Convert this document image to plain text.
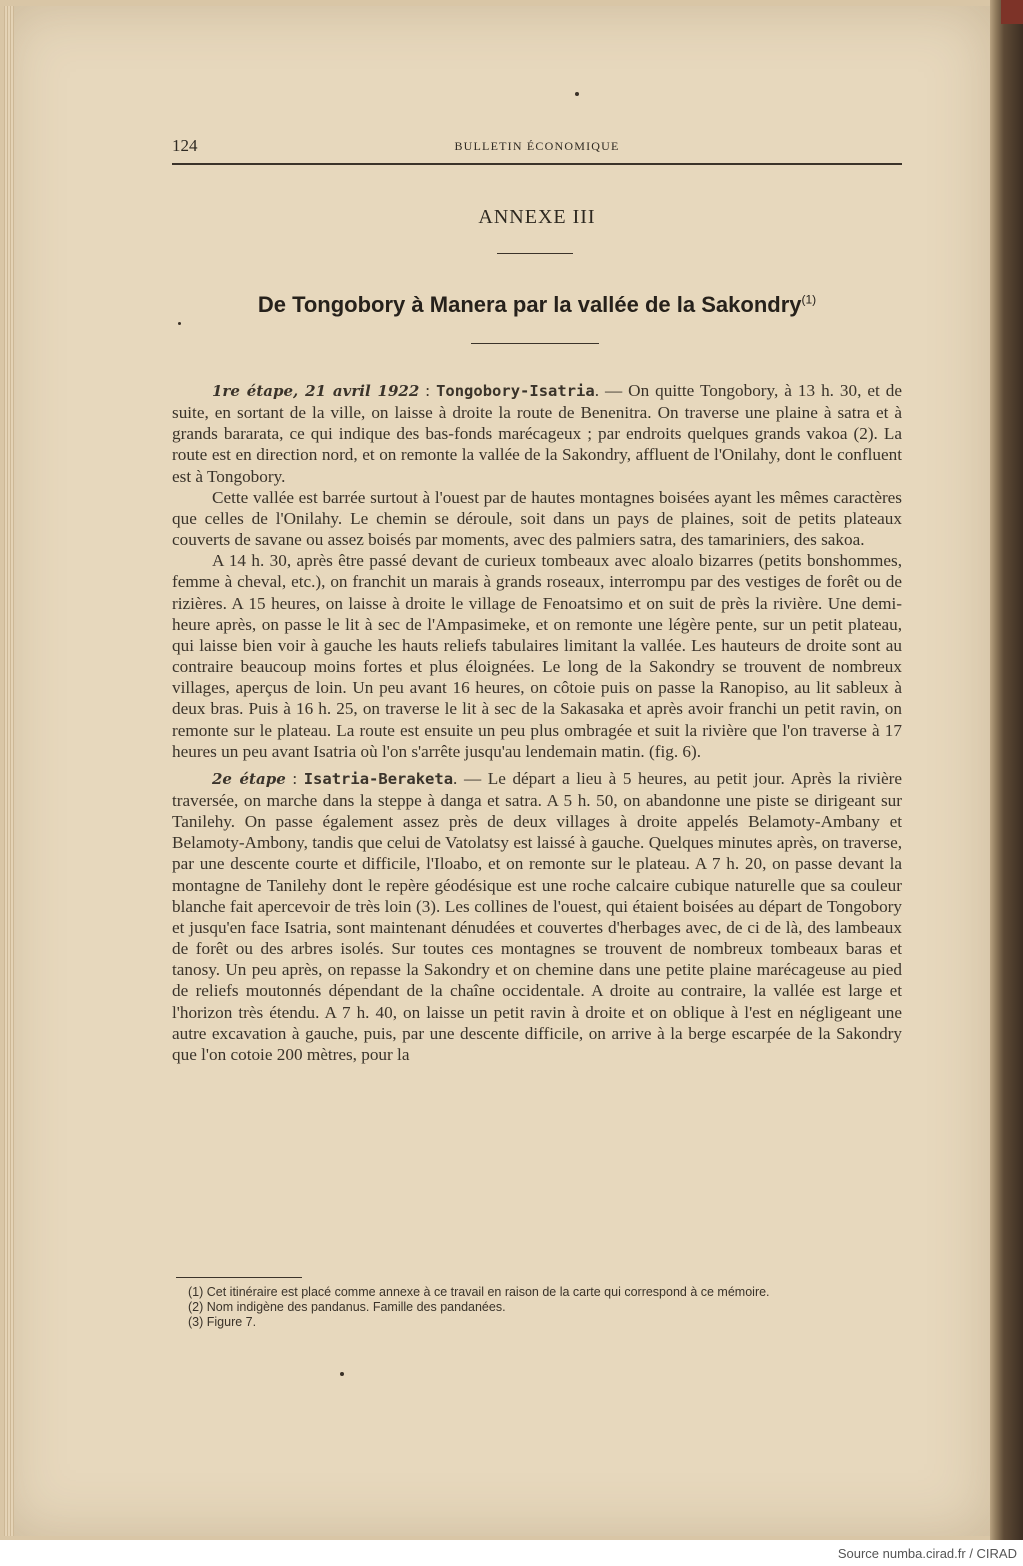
124	BULLETIN ÉCONOMIQUE
ANNEXE III
De Tongobory à Manera par la vallée de la Sakondry$^{(1)}$

1re étape, 21 avril 1922 : Tongobory-Isatria. — On quitte Tongobory, à 13 h. 30, et de suite, en sortant de la ville, on laisse à droite la route de Benenitra. On traverse une plaine à satra et à grands bararata, ce qui indique des bas-fonds marécageux ; par endroits quelques grands vakoa (2). La route est en direction nord, et on remonte la vallée de la Sakondry, affluent de l'Onilahy, dont le confluent est à Tongobory.

Cette vallée est barrée surtout à l'ouest par de hautes montagnes boisées ayant les mêmes caractères que celles de l'Onilahy. Le chemin se déroule, soit dans un pays de plaines, soit de petits plateaux couverts de savane ou assez boisés par moments, avec des palmiers satra, des tamariniers, des sakoa.

A 14 h. 30, après être passé devant de curieux tombeaux avec aloalo bizarres (petits bonshommes, femme à cheval, etc.), on franchit un marais à grands roseaux, interrompu par des vestiges de forêt ou de rizières. A 15 heures, on laisse à droite le village de Fenoatsimo et on suit de près la rivière. Une demi-heure après, on passe le lit à sec de l'Ampasimeke, et on remonte une légère pente, sur un petit plateau, qui laisse bien voir à gauche les hauts reliefs tabulaires limitant la vallée. Les hauteurs de droite sont au contraire beaucoup moins fortes et plus éloignées. Le long de la Sakondry se trouvent de nombreux villages, aperçus de loin. Un peu avant 16 heures, on côtoie puis on passe la Ranopiso, au lit sableux à deux bras. Puis à 16 h. 25, on traverse le lit à sec de la Sakasaka et après avoir franchi un petit ravin, on remonte sur le plateau. La route est ensuite un peu plus ombragée et suit la rivière que l'on traverse à 17 heures un peu avant Isatria où l'on s'arrête jusqu'au lendemain matin. (fig. 6).

2e étape : Isatria-Beraketa. — Le départ a lieu à 5 heures, au petit jour. Après la rivière traversée, on marche dans la steppe à danga et satra. A 5 h. 50, on abandonne une piste se dirigeant sur Tanilehy. On passe également assez près de deux villages à droite appelés Belamoty-Ambany et Belamoty-Ambony, tandis que celui de Vatolatsy est laissé à gauche. Quelques minutes après, on traverse, par une descente courte et difficile, l'Iloabo, et on remonte sur le plateau. A 7 h. 20, on passe devant la montagne de Tanilehy dont le repère géodésique est une roche calcaire cubique naturelle que sa couleur blanche fait apercevoir de très loin (3). Les collines de l'ouest, qui étaient boisées au départ de Tongobory et jusqu'en face Isatria, sont maintenant dénudées et couvertes d'herbages avec, de ci de là, des lambeaux de forêt ou des arbres isolés. Sur toutes ces montagnes se trouvent de nombreux tombeaux baras et tanosy. Un peu après, on repasse la Sakondry et on chemine dans une petite plaine marécageuse au pied de reliefs moutonnés dépendant de la chaîne occidentale. A droite au contraire, la vallée est large et l'horizon très étendu. A 7 h. 40, on laisse un petit ravin à droite et on oblique à l'est en négligeant une autre excavation à gauche, puis, par une descente difficile, on arrive à la berge escarpée de la Sakondry que l'on cotoie 200 mètres, pour la

(1) Cet itinéraire est placé comme annexe à ce travail en raison de la carte qui correspond à ce mémoire.

(2) Nom indigène des pandanus. Famille des pandanées.

(3) Figure 7.

Source numba.cirad.fr / CIRAD
